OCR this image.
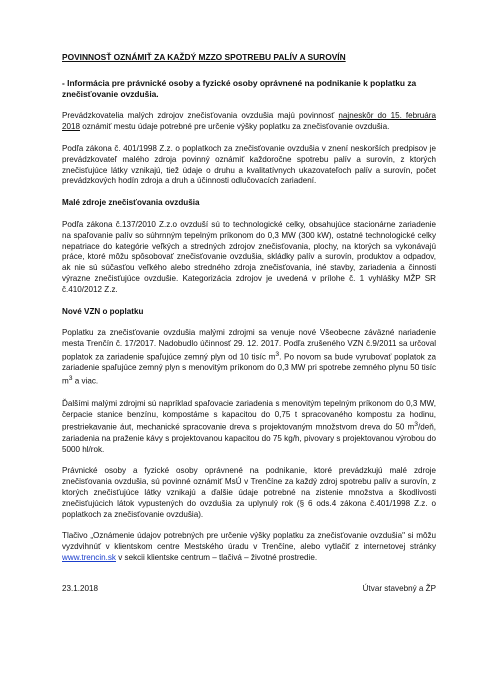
POVINNOSŤ OZNÁMIŤ ZA KAŽDÝ MZZO SPOTREBU PALÍV A SUROVÍN
- Informácia pre právnické osoby a fyzické osoby oprávnené na podnikanie k poplatku za znečisťovanie ovzdušia.

Prevádzkovatelia malých zdrojov znečisťovania ovzdušia majú povinnosť najneskôr do 15. februára 2018 oznámiť mestu údaje potrebné pre určenie výšky poplatku za znečisťovanie ovzdušia.

Podľa zákona č. 401/1998 Z.z. o poplatkoch za znečisťovanie ovzdušia v znení neskorších predpisov je prevádzkovateľ malého zdroja povinný oznámiť každoročne spotrebu palív a surovín, z ktorých znečisťujúce látky vznikajú, tiež údaje o druhu a kvalitatívnych ukazovateľoch palív a surovín, počet prevádzkových hodín zdroja a druh a účinnosti odlučovacích zariadení.

Malé zdroje znečisťovania ovzdušia

Podľa zákona č.137/2010 Z.z.o ovzduší sú to technologické celky, obsahujúce stacionárne zariadenie na spaľovanie palív so súhrnným tepelným príkonom do 0,3 MW (300 kW), ostatné technologické celky nepatriace do kategórie veľkých a stredných zdrojov znečisťovania, plochy, na ktorých sa vykonávajú práce, ktoré môžu spôsobovať znečisťovanie ovzdušia, skládky palív a surovín, produktov a odpadov, ak nie sú súčasťou veľkého alebo stredného zdroja znečisťovania, iné stavby, zariadenia a činnosti výrazne znečisťujúce ovzdušie. Kategorizácia zdrojov je uvedená v prílohe č. 1 vyhlášky MŽP SR č.410/2012 Z.z.

Nové VZN o poplatku

Poplatku za znečisťovanie ovzdušia malými zdrojmi sa venuje nové Všeobecne záväzné nariadenie mesta Trenčín č. 17/2017. Nadobudlo účinnosť 29. 12. 2017. Podľa zrušeného VZN č.9/2011 sa určoval poplatok za zariadenie spaľujúce zemný plyn od 10 tisíc $m^3$. Po novom sa bude vyrubovať poplatok za zariadenie spaľujúce zemný plyn s menovitým príkonom do 0,3 MW pri spotrebe zemného plynu 50 tisíc $m^3$ a viac.

Ďalšími malými zdrojmi sú napríklad spaľovacie zariadenia s menovitým tepelným príkonom do 0,3 MW, čerpacie stanice benzínu, kompostáme s kapacitou do 0,75 t spracovaného kompostu za hodinu, prestriekavanie áut, mechanické spracovanie dreva s projektovaným množstvom dreva do 50 $m^3$/deň, zariadenia na praženie kávy s projektovanou kapacitou do 75 kg/h, pivovary s projektovanou výrobou do 5000 hl/rok.

Právnické osoby a fyzické osoby oprávnené na podnikanie, ktoré prevádzkujú malé zdroje znečisťovania ovzdušia, sú povinné oznámiť MsÚ v Trenčíne za každý zdroj spotrebu palív a surovín, z ktorých znečisťujúce látky vznikajú a ďalšie údaje potrebné na zistenie množstva a škodlivosti znečisťujúcich látok vypustených do ovzdušia za uplynulý rok (§ 6 ods.4 zákona č.401/1998 Z.z. o poplatkoch za znečisťovanie ovzdušia).

Tlačivo „Oznámenie údajov potrebných pre určenie výšky poplatku za znečisťovanie ovzdušia" si môžu vyzdvihnúť v klientskom centre Mestského úradu v Trenčíne, alebo vytlačiť z internetovej stránky www.trencin.sk v sekcii klientske centrum – tlačivá – životné prostredie.

23.1.2018	Útvar stavebný a ŽP
